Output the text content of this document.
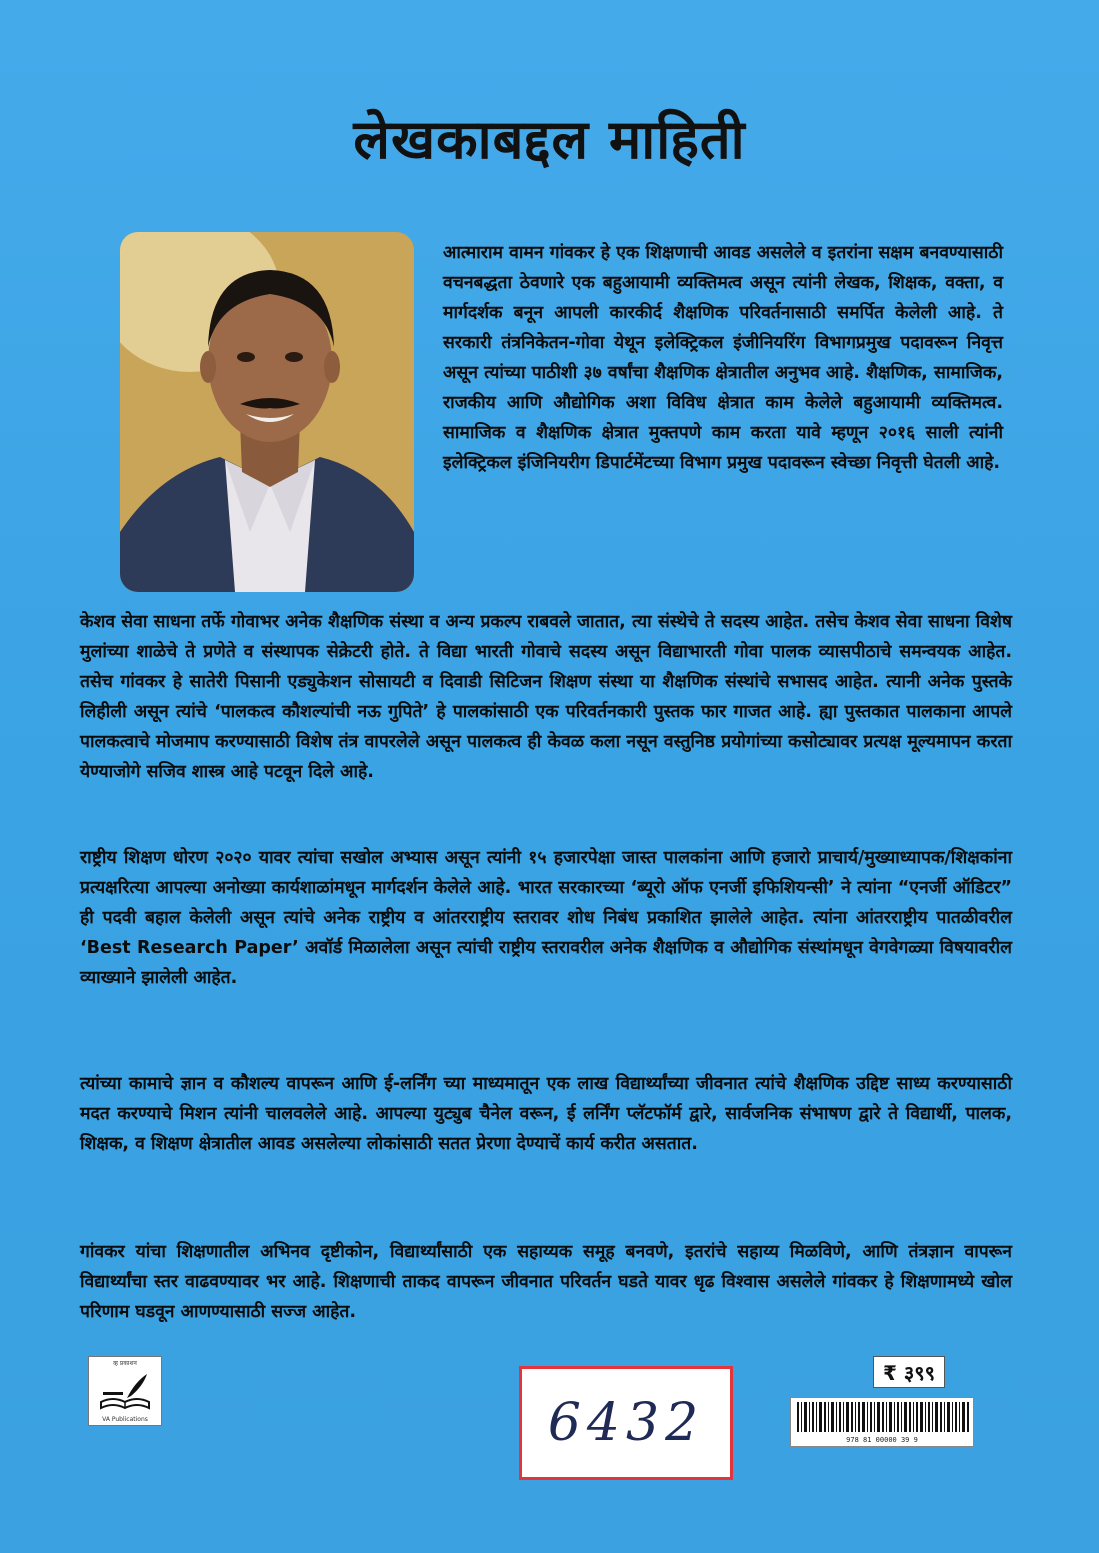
लेखकाबद्दल माहिती
आत्माराम वामन गांवकर हे एक शिक्षणाची आवड असलेले व इतरांना सक्षम बनवण्यासाठी वचनबद्धता ठेवणारे एक बहुआयामी व्यक्तिमत्व असून त्यांनी लेखक, शिक्षक, वक्ता, व मार्गदर्शक बनून आपली कारकीर्द शैक्षणिक परिवर्तनासाठी समर्पित केलेली आहे. ते सरकारी तंत्रनिकेतन-गोवा येथून इलेक्ट्रिकल इंजीनियरिंग विभागप्रमुख पदावरून निवृत्त असून त्यांच्या पाठीशी ३७ वर्षांचा शैक्षणिक क्षेत्रातील अनुभव आहे. शैक्षणिक, सामाजिक, राजकीय आणि औद्योगिक अशा विविध क्षेत्रात काम केलेले बहुआयामी व्यक्तिमत्व. सामाजिक व शैक्षणिक क्षेत्रात मुक्तपणे काम करता यावे म्हणून २०१६ साली त्यांनी इलेक्ट्रिकल इंजिनियरीग डिपार्टमेंटच्या विभाग प्रमुख पदावरून स्वेच्छा निवृत्ती घेतली आहे.
केशव सेवा साधना तर्फे गोवाभर अनेक शैक्षणिक संस्था व अन्य प्रकल्प राबवले जातात, त्या संस्थेचे ते सदस्य आहेत. तसेच केशव सेवा साधना विशेष मुलांच्या शाळेचे ते प्रणेते व संस्थापक सेक्रेटरी होते. ते विद्या भारती गोवाचे सदस्य असून विद्याभारती गोवा पालक व्यासपीठाचे समन्वयक आहेत. तसेच गांवकर हे सातेरी पिसानी एड्युकेशन सोसायटी व दिवाडी सिटिजन शिक्षण संस्था या शैक्षणिक संस्थांचे सभासद आहेत. त्यानी अनेक पुस्तके लिहीली असून त्यांचे ‘पालकत्व कौशल्यांची नऊ गुपिते’ हे पालकांसाठी एक परिवर्तनकारी पुस्तक फार गाजत आहे. ह्या पुस्तकात पालकाना आपले पालकत्वाचे मोजमाप करण्यासाठी विशेष तंत्र वापरलेले असून पालकत्व ही केवळ कला नसून वस्तुनिष्ठ प्रयोगांच्या कसोट्यावर प्रत्यक्ष मूल्यमापन करता येण्याजोगे सजिव शास्त्र आहे पटवून दिले आहे.
राष्ट्रीय शिक्षण धोरण २०२० यावर त्यांचा सखोल अभ्यास असून त्यांनी १५ हजारपेक्षा जास्त पालकांना आणि हजारो प्राचार्य/मुख्याध्यापक/शिक्षकांना प्रत्यक्षरित्या आपल्या अनोख्या कार्यशाळांमधून मार्गदर्शन केलेले आहे. भारत सरकारच्या ‘ब्यूरो ऑफ एनर्जी इफिशियन्सी’ ने त्यांना “एनर्जी ऑडिटर” ही पदवी बहाल केलेली असून त्यांचे अनेक राष्ट्रीय व आंतरराष्ट्रीय स्तरावर शोध निबंध प्रकाशित झालेले आहेत. त्यांना आंतरराष्ट्रीय पातळीवरील ‘Best Research Paper’ अवॉर्ड मिळालेला असून त्यांची राष्ट्रीय स्तरावरील अनेक शैक्षणिक व औद्योगिक संस्थांमधून वेगवेगळ्या विषयावरील व्याख्याने झालेली आहेत.
त्यांच्या कामाचे ज्ञान व कौशल्य वापरून आणि ई-लर्निंग च्या माध्यमातून एक लाख विद्यार्थ्यांच्या जीवनात त्यांचे शैक्षणिक उद्दिष्ट साध्य करण्यासाठी मदत करण्याचे मिशन त्यांनी चालवलेले आहे. आपल्या युट्युब चैनेल वरून, ई लर्निंग प्लॅटफॉर्म द्वारे, सार्वजनिक संभाषण द्वारे ते विद्यार्थी, पालक, शिक्षक, व शिक्षण क्षेत्रातील आवड असलेल्या लोकांसाठी सतत प्रेरणा देण्याचें कार्य करीत असतात.
गांवकर यांचा शिक्षणातील अभिनव दृष्टीकोन, विद्यार्थ्यांसाठी एक सहाय्यक समूह बनवणे, इतरांचे सहाय्य मिळविणे, आणि तंत्रज्ञान वापरून विद्यार्थ्यांचा स्तर वाढवण्यावर भर आहे. शिक्षणाची ताकद वापरून जीवनात परिवर्तन घडते यावर धृढ विश्वास असलेले गांवकर हे शिक्षणामध्ये खोल परिणाम घडवून आणण्यासाठी सज्ज आहेत.
व्ह प्रकाशन
VA Publications	6432
₹ ३९९
978 81 00000 39 9
